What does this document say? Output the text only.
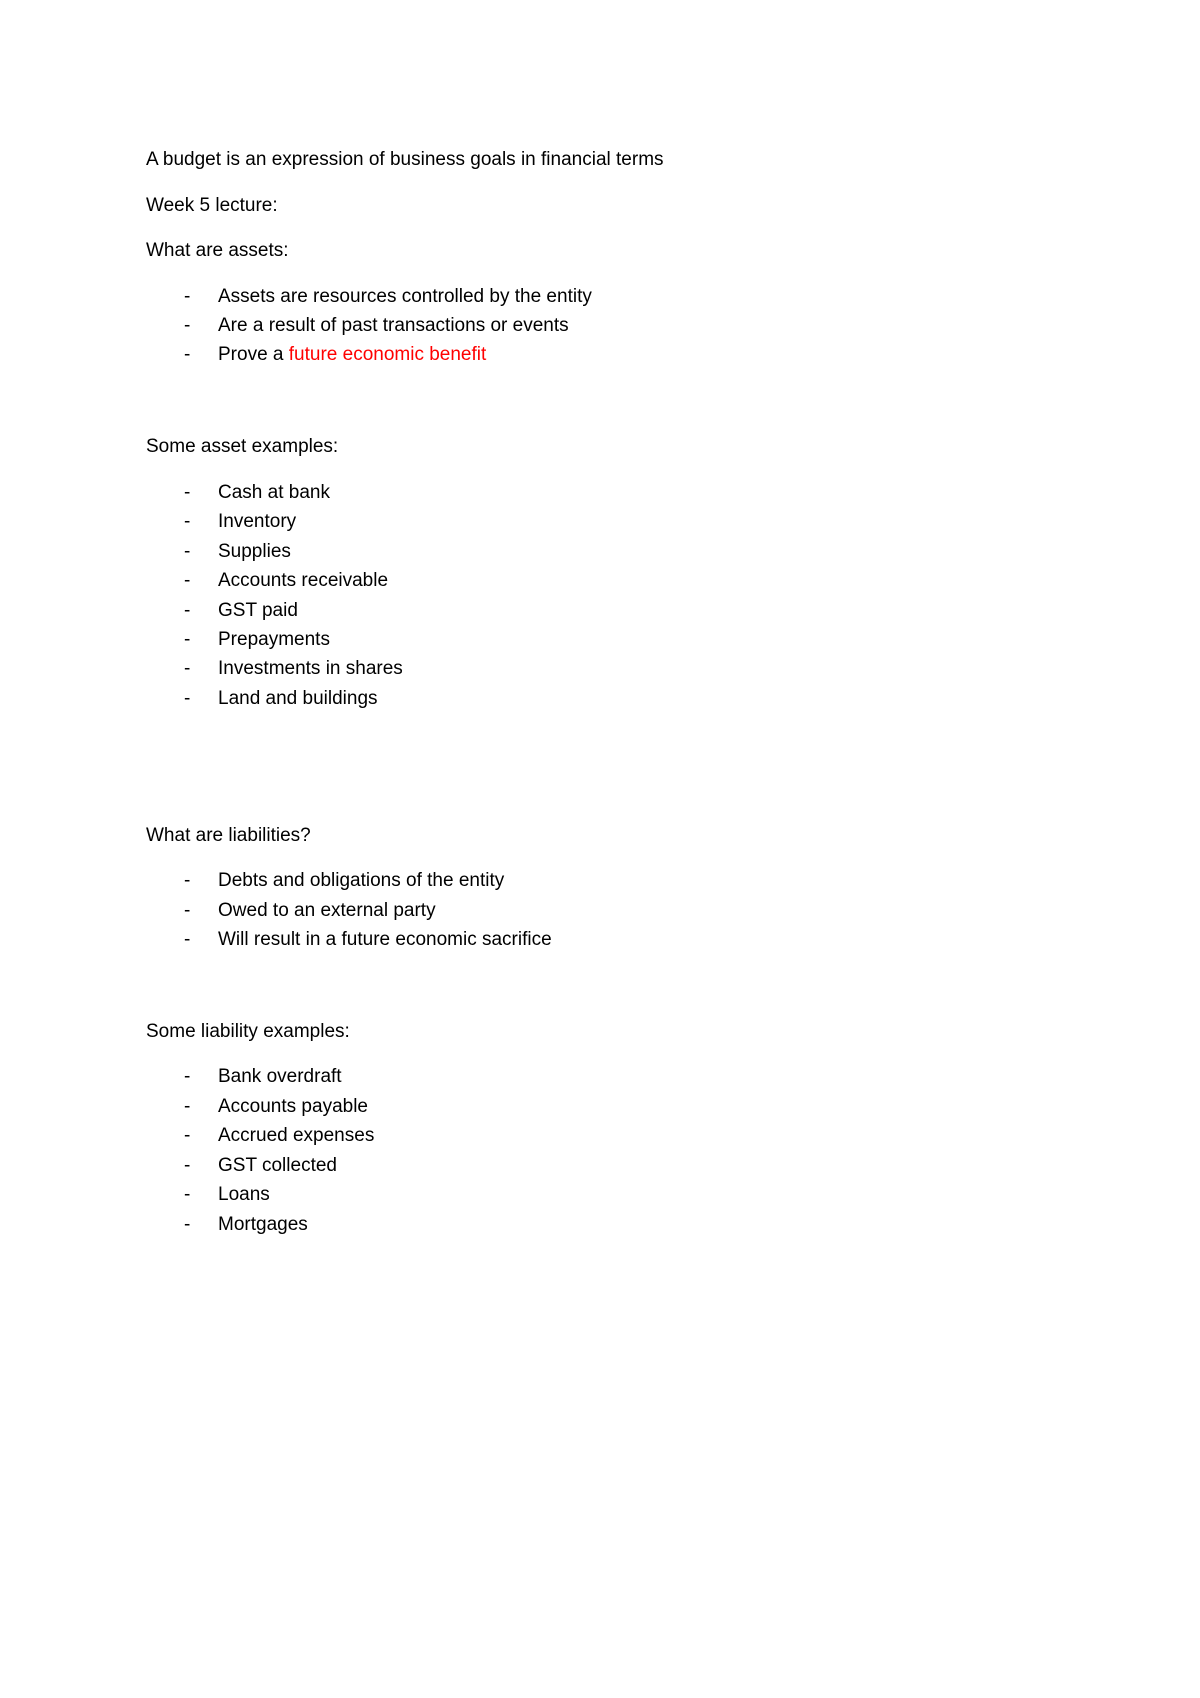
A budget is an expression of business goals in financial terms
Week 5 lecture:
What are assets:
- Assets are resources controlled by the entity
- Are a result of past transactions or events
- Prove a future economic benefit
Some asset examples:
- Cash at bank
- Inventory
- Supplies
- Accounts receivable
- GST paid
- Prepayments
- Investments in shares
- Land and buildings
What are liabilities?
- Debts and obligations of the entity
- Owed to an external party
- Will result in a future economic sacrifice
Some liability examples:
- Bank overdraft
- Accounts payable
- Accrued expenses
- GST collected
- Loans
- Mortgages
